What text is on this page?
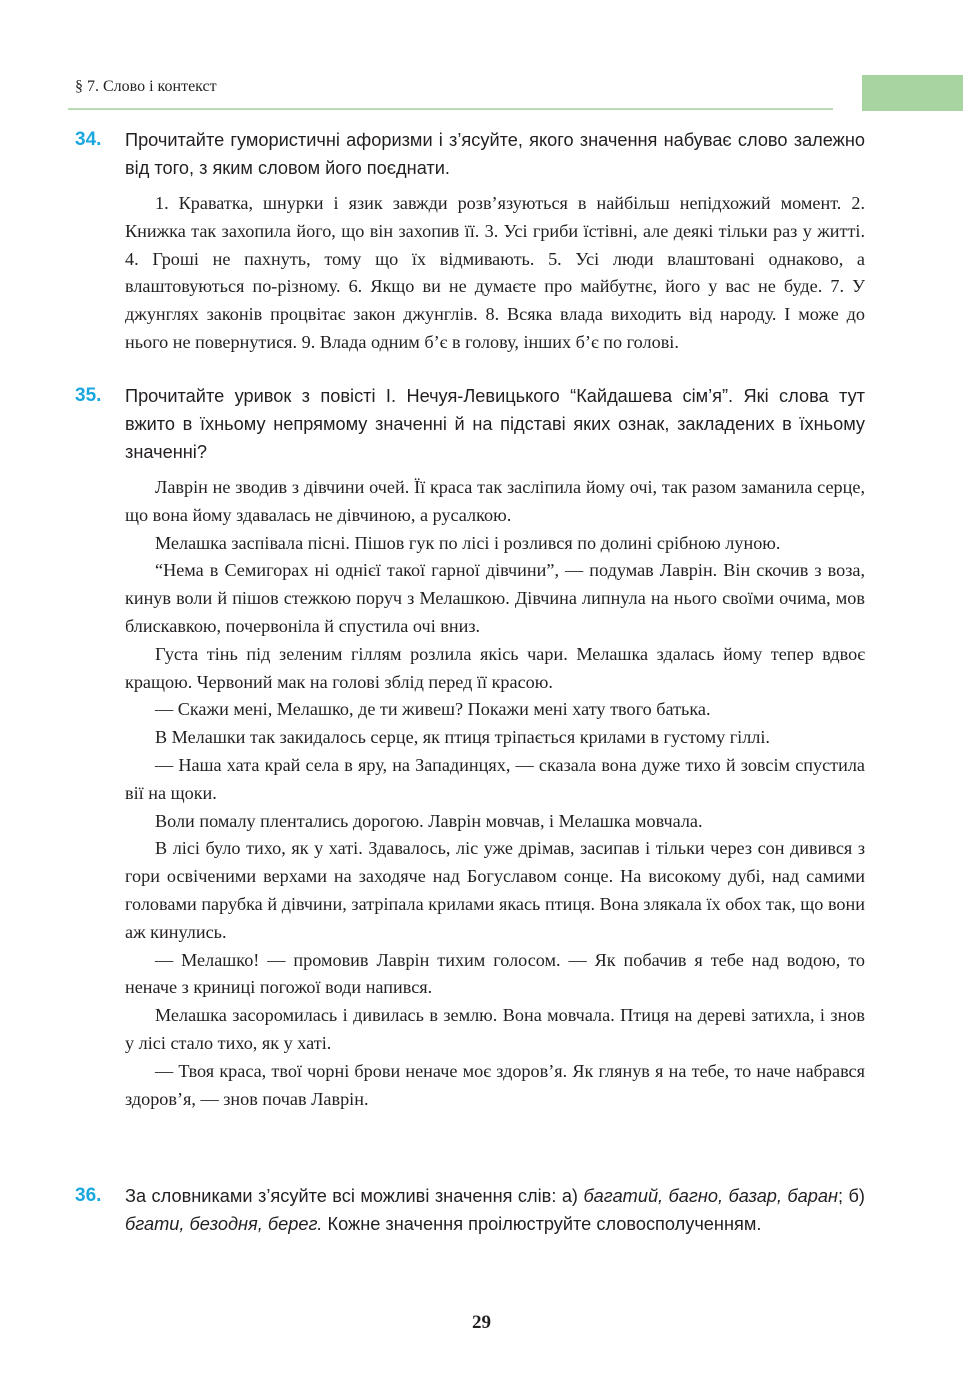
§ 7. Слово і контекст
34. Прочитайте гумористичні афоризми і з’ясуйте, якого значення набуває слово залежно від того, з яким словом його поєднати.

1. Краватка, шнурки і язик завжди розв’язуються в найбільш непідхожий момент. 2. Книжка так захопила його, що він захопив її. 3. Усі гриби їстівні, але деякі тільки раз у житті. 4. Гроші не пахнуть, тому що їх відмивають. 5. Усі люди влаштовані однаково, а влаштовуються по-різному. 6. Якщо ви не думаєте про майбутнє, його у вас не буде. 7. У джунглях законів процвітає закон джунглів. 8. Всяка влада виходить від народу. І може до нього не повернутися. 9. Влада одним б’є в голову, інших б’є по голові.

35. Прочитайте уривок з повісті І. Нечуя-Левицького “Кайдашева сім’я”. Які слова тут вжито в їхньому непрямому значенні й на підставі яких ознак, закладених в їхньому значенні?

Лаврін не зводив з дівчини очей. Її краса так засліпила йому очі, так разом заманила серце, що вона йому здавалась не дівчиною, а русалкою.

Мелашка заспівала пісні. Пішов гук по лісі і розлився по долині срібною луною.

“Нема в Семигорах ні однієї такої гарної дівчини”, — подумав Лаврін. Він скочив з воза, кинув воли й пішов стежкою поруч з Мелашкою. Дівчина липнула на нього своїми очима, мов блискавкою, почервоніла й спустила очі вниз.

Густа тінь під зеленим гіллям розлила якісь чари. Мелашка здалась йому тепер вдвоє кращою. Червоний мак на голові зблід перед її красою.

— Скажи мені, Мелашко, де ти живеш? Покажи мені хату твого батька.

В Мелашки так закидалось серце, як птиця тріпається крилами в густому гіллі.

— Наша хата край села в яру, на Западинцях, — сказала вона дуже тихо й зовсім спустила вії на щоки.

Воли помалу плентались дорогою. Лаврін мовчав, і Мелашка мовчала.

В лісі було тихо, як у хаті. Здавалось, ліс уже дрімав, засипав і тільки через сон дивився з гори освіченими верхами на заходяче над Богуславом сонце. На високому дубі, над самими головами парубка й дівчини, затріпала крилами якась птиця. Вона злякала їх обох так, що вони аж кинулись.

— Мелашко! — промовив Лаврін тихим голосом. — Як побачив я тебе над водою, то неначе з криниці погожої води напився.

Мелашка засоромилась і дивилась в землю. Вона мовчала. Птиця на дереві затихла, і знов у лісі стало тихо, як у хаті.

— Твоя краса, твої чорні брови неначе моє здоров’я. Як глянув я на тебе, то наче набрався здоров’я, — знов почав Лаврін.

36. За словниками з’ясуйте всі можливі значення слів: а) багатий, багно, базар, баран; б) бгати, безодня, берег. Кожне значення проілюструйте словосполученням.
29
